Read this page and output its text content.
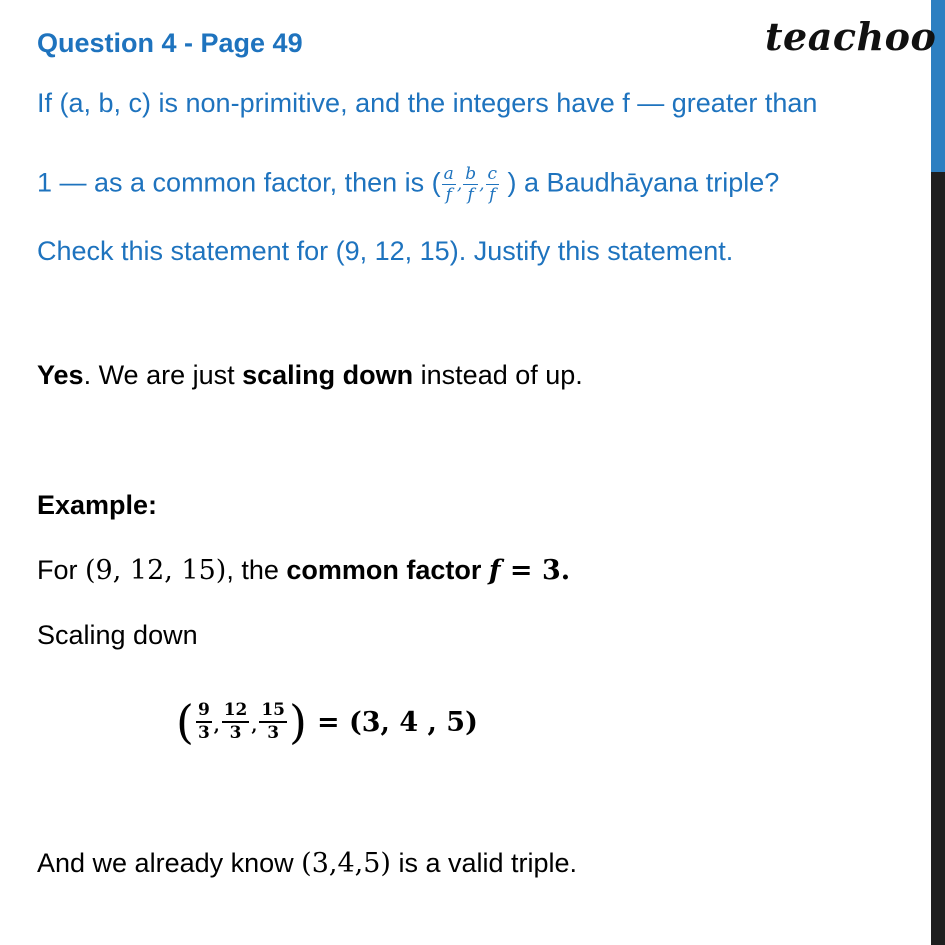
Question 4 - Page 49	teachoo
If (a, b, c) is non-primitive, and the integers have f — greater than
1 — as a common factor, then is ( $\frac{a}{f}$ , $\frac{b}{f}$ , $\frac{c}{f}$ ) a Baudhāyana triple?
Check this statement for (9, 12, 15). Justify this statement.
Yes. We are just scaling down instead of up.
Example:
For (9, 12, 15), the common factor f = 3.
Scaling down
( $\frac{9}{3}$ , $\frac{12}{3}$ , $\frac{15}{3}$ ) = (3, 4 , 5)
And we already know (3,4,5) is a valid triple.
